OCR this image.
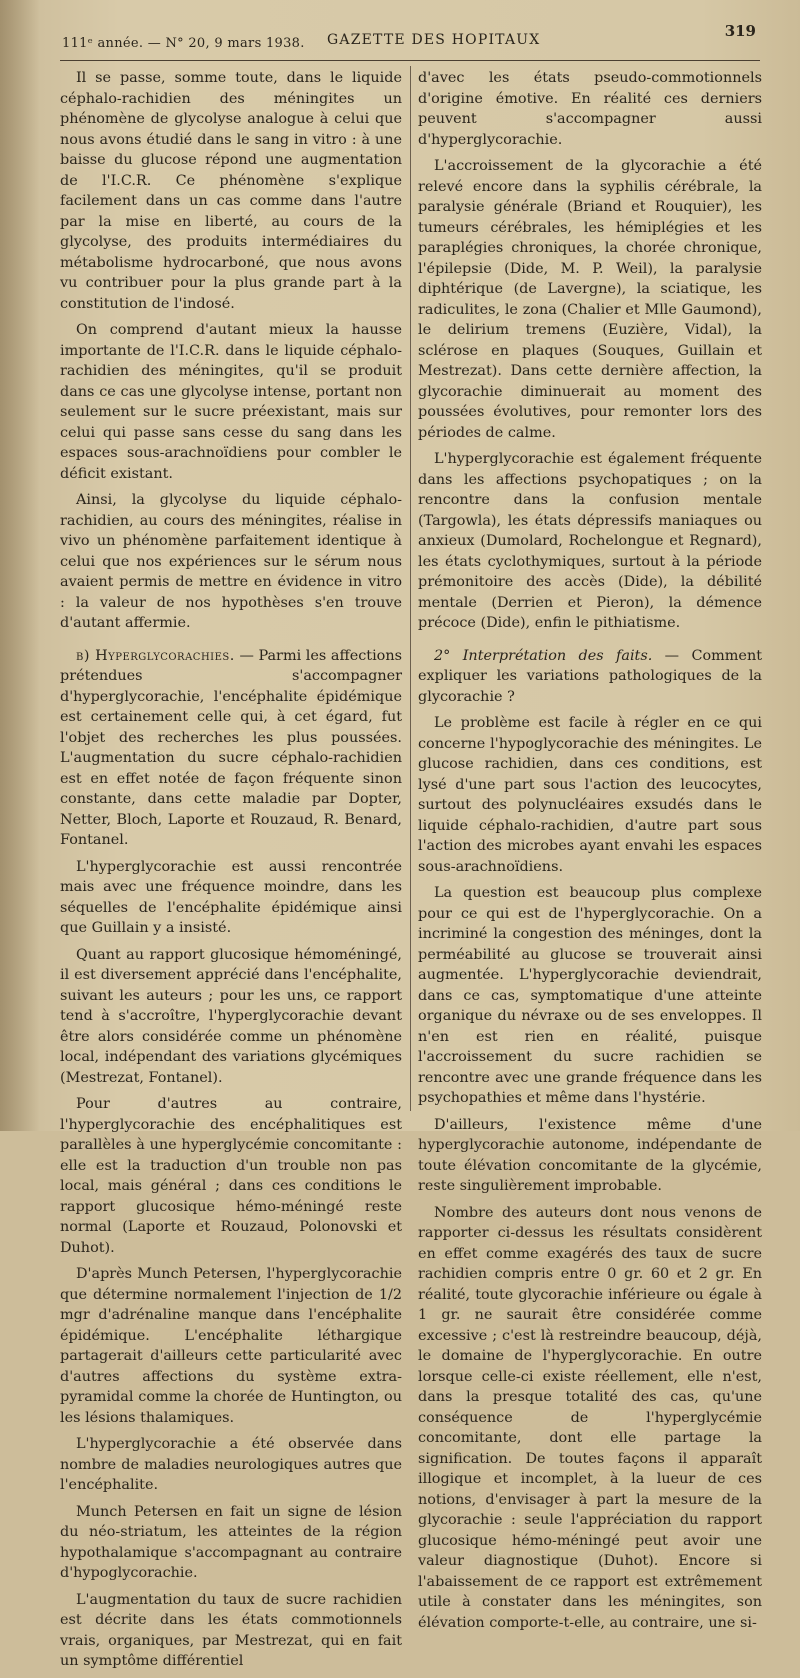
111ᵉ année. — N° 20, 9 mars 1938. GAZETTE DES HOPITAUX	319

Il se passe, somme toute, dans le liquide céphalo-rachidien des méningites un phénomène de glycolyse analogue à celui que nous avons étudié dans le sang in vitro : à une baisse du glucose répond une augmentation de l'I.C.R. Ce phénomène s'explique facilement dans un cas comme dans l'autre par la mise en liberté, au cours de la glycolyse, des produits intermédiaires du métabolisme hydrocarboné, que nous avons vu contribuer pour la plus grande part à la constitution de l'indosé.

On comprend d'autant mieux la hausse importante de l'I.C.R. dans le liquide céphalo-rachidien des méningites, qu'il se produit dans ce cas une glycolyse intense, portant non seulement sur le sucre préexistant, mais sur celui qui passe sans cesse du sang dans les espaces sous-arachnoïdiens pour combler le déficit existant.

Ainsi, la glycolyse du liquide céphalo-rachidien, au cours des méningites, réalise in vivo un phénomène parfaitement identique à celui que nos expériences sur le sérum nous avaient permis de mettre en évidence in vitro : la valeur de nos hypothèses s'en trouve d'autant affermie.

b) Hyperglycorachies. — Parmi les affections prétendues s'accompagner d'hyperglycorachie, l'encéphalite épidémique est certainement celle qui, à cet égard, fut l'objet des recherches les plus poussées. L'augmentation du sucre céphalo-rachidien est en effet notée de façon fréquente sinon constante, dans cette maladie par Dopter, Netter, Bloch, Laporte et Rouzaud, R. Benard, Fontanel.

L'hyperglycorachie est aussi rencontrée mais avec une fréquence moindre, dans les séquelles de l'encéphalite épidémique ainsi que Guillain y a insisté.

Quant au rapport glucosique hémoméningé, il est diversement apprécié dans l'encéphalite, suivant les auteurs ; pour les uns, ce rapport tend à s'accroître, l'hyperglycorachie devant être alors considérée comme un phénomène local, indépendant des variations glycémiques (Mestrezat, Fontanel).

Pour d'autres au contraire, l'hyperglycorachie des encéphalitiques est parallèles à une hyperglycémie concomitante : elle est la traduction d'un trouble non pas local, mais général ; dans ces conditions le rapport glucosique hémo-méningé reste normal (Laporte et Rouzaud, Polonovski et Duhot).

D'après Munch Petersen, l'hyperglycorachie que détermine normalement l'injection de 1/2 mgr d'adrénaline manque dans l'encéphalite épidémique. L'encéphalite léthargique partagerait d'ailleurs cette particularité avec d'autres affections du système extra-pyramidal comme la chorée de Huntington, ou les lésions thalamiques.

L'hyperglycorachie a été observée dans nombre de maladies neurologiques autres que l'encéphalite.

Munch Petersen en fait un signe de lésion du néo-striatum, les atteintes de la région hypothalamique s'accompagnant au contraire d'hypoglycorachie.

L'augmentation du taux de sucre rachidien est décrite dans les états commotionnels vrais, organiques, par Mestrezat, qui en fait un symptôme différentiel

d'avec les états pseudo-commotionnels d'origine émotive. En réalité ces derniers peuvent s'accompagner aussi d'hyperglycorachie.

L'accroissement de la glycorachie a été relevé encore dans la syphilis cérébrale, la paralysie générale (Briand et Rouquier), les tumeurs cérébrales, les hémiplégies et les paraplégies chroniques, la chorée chronique, l'épilepsie (Dide, M. P. Weil), la paralysie diphtérique (de Lavergne), la sciatique, les radiculites, le zona (Chalier et Mlle Gaumond), le delirium tremens (Euzière, Vidal), la sclérose en plaques (Souques, Guillain et Mestrezat). Dans cette dernière affection, la glycorachie diminuerait au moment des poussées évolutives, pour remonter lors des périodes de calme.

L'hyperglycorachie est également fréquente dans les affections psychopatiques ; on la rencontre dans la confusion mentale (Targowla), les états dépressifs maniaques ou anxieux (Dumolard, Rochelongue et Regnard), les états cyclothymiques, surtout à la période prémonitoire des accès (Dide), la débilité mentale (Derrien et Pieron), la démence précoce (Dide), enfin le pithiatisme.

2° Interprétation des faits. — Comment expliquer les variations pathologiques de la glycorachie ?

Le problème est facile à régler en ce qui concerne l'hypoglycorachie des méningites. Le glucose rachidien, dans ces conditions, est lysé d'une part sous l'action des leucocytes, surtout des polynucléaires exsudés dans le liquide céphalo-rachidien, d'autre part sous l'action des microbes ayant envahi les espaces sous-arachnoïdiens.

La question est beaucoup plus complexe pour ce qui est de l'hyperglycorachie. On a incriminé la congestion des méninges, dont la perméabilité au glucose se trouverait ainsi augmentée. L'hyperglycorachie deviendrait, dans ce cas, symptomatique d'une atteinte organique du névraxe ou de ses enveloppes. Il n'en est rien en réalité, puisque l'accroissement du sucre rachidien se rencontre avec une grande fréquence dans les psychopathies et même dans l'hystérie.

D'ailleurs, l'existence même d'une hyperglycorachie autonome, indépendante de toute élévation concomitante de la glycémie, reste singulièrement improbable.

Nombre des auteurs dont nous venons de rapporter ci-dessus les résultats considèrent en effet comme exagérés des taux de sucre rachidien compris entre 0 gr. 60 et 2 gr. En réalité, toute glycorachie inférieure ou égale à 1 gr. ne saurait être considérée comme excessive ; c'est là restreindre beaucoup, déjà, le domaine de l'hyperglycorachie. En outre lorsque celle-ci existe réellement, elle n'est, dans la presque totalité des cas, qu'une conséquence de l'hyperglycémie concomitante, dont elle partage la signification. De toutes façons il apparaît illogique et incomplet, à la lueur de ces notions, d'envisager à part la mesure de la glycorachie : seule l'appréciation du rapport glucosique hémo-méningé peut avoir une valeur diagnostique (Duhot). Encore si l'abaissement de ce rapport est extrêmement utile à constater dans les méningites, son élévation comporte-t-elle, au contraire, une si-
